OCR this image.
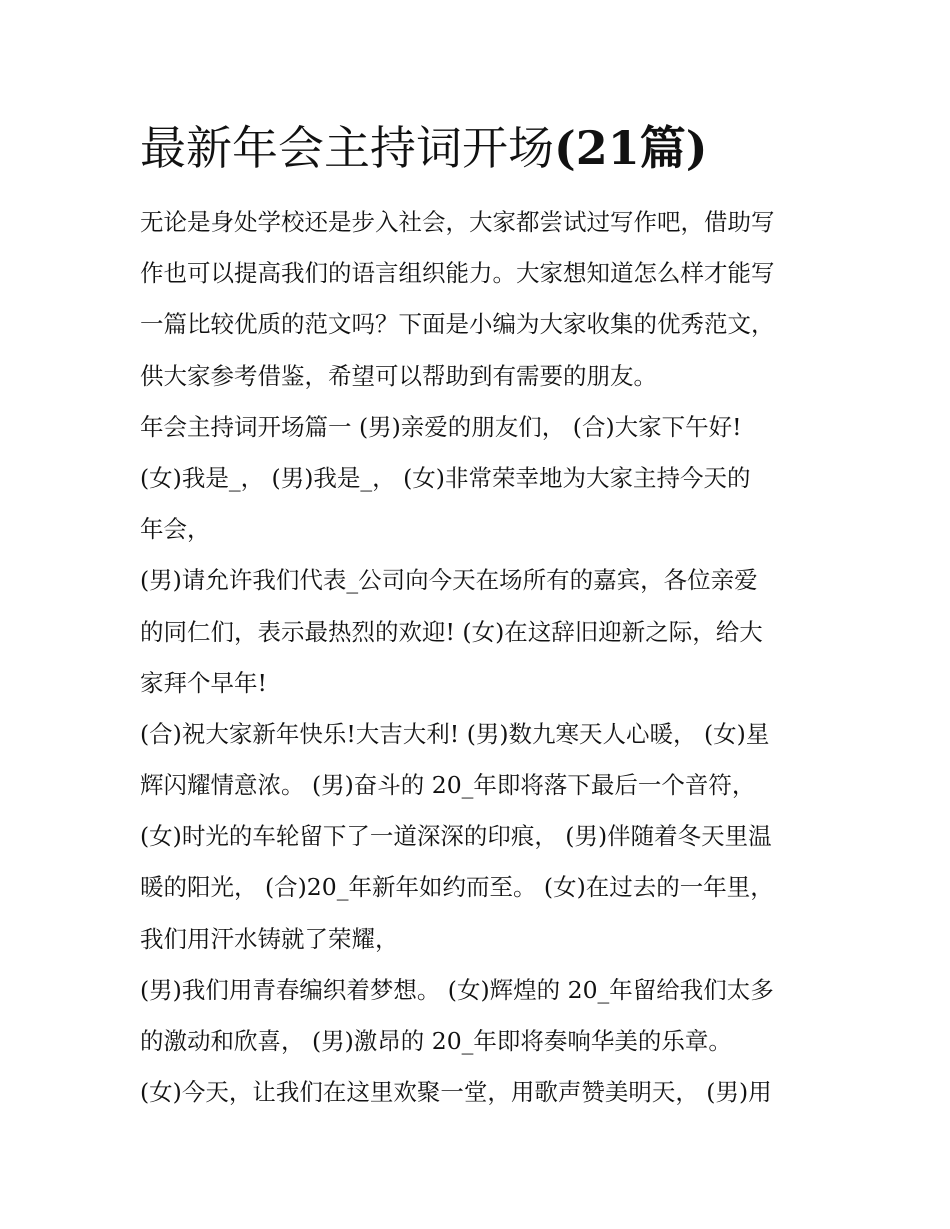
最新年会主持词开场(21篇)

无论是身处学校还是步入社会，大家都尝试过写作吧，借助写

作也可以提高我们的语言组织能力。大家想知道怎么样才能写

一篇比较优质的范文吗？下面是小编为大家收集的优秀范文，

供大家参考借鉴，希望可以帮助到有需要的朋友。

年会主持词开场篇一 (男)亲爱的朋友们， (合)大家下午好!

(女)我是_， (男)我是_， (女)非常荣幸地为大家主持今天的

年会，

(男)请允许我们代表_公司向今天在场所有的嘉宾，各位亲爱

的同仁们，表示最热烈的欢迎! (女)在这辞旧迎新之际，给大

家拜个早年!

(合)祝大家新年快乐!大吉大利! (男)数九寒天人心暖， (女)星

辉闪耀情意浓。 (男)奋斗的 20_年即将落下最后一个音符，

(女)时光的车轮留下了一道深深的印痕， (男)伴随着冬天里温

暖的阳光， (合)20_年新年如约而至。 (女)在过去的一年里，

我们用汗水铸就了荣耀，

(男)我们用青春编织着梦想。 (女)辉煌的 20_年留给我们太多

的激动和欣喜， (男)激昂的 20_年即将奏响华美的乐章。

(女)今天，让我们在这里欢聚一堂，用歌声赞美明天， (男)用
